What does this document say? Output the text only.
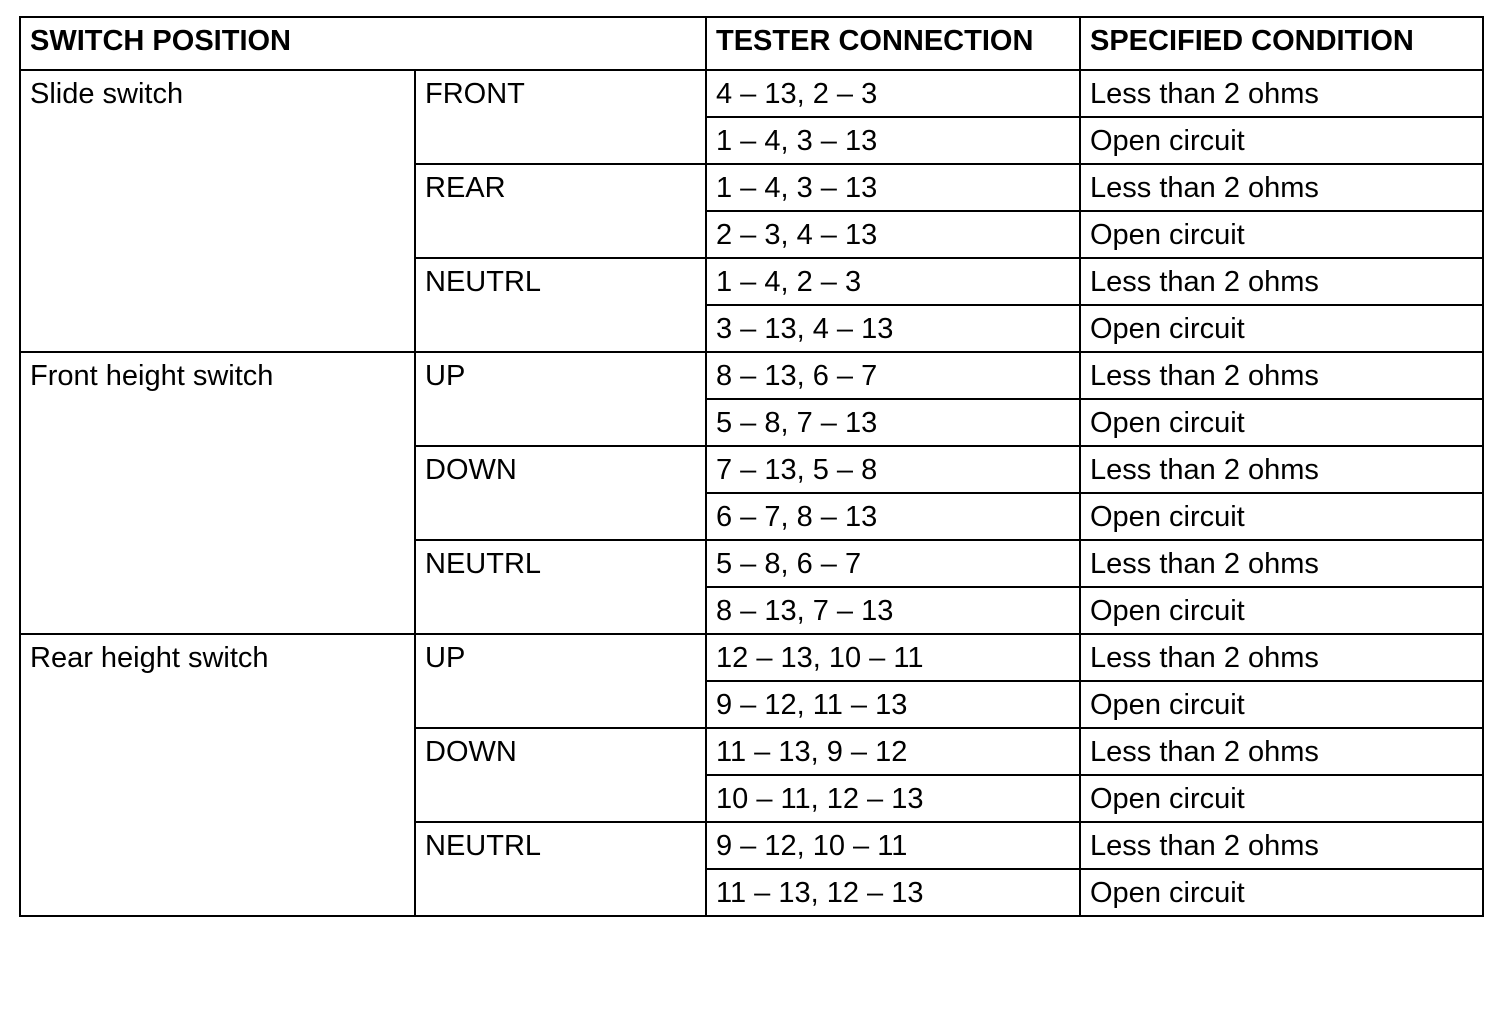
SWITCH POSITION		TESTER CONNECTION	SPECIFIED CONDITION
Slide switch	FRONT	4 – 13, 2 – 3	Less than 2 ohms
		1 – 4, 3 – 13	Open circuit
	REAR	1 – 4, 3 – 13	Less than 2 ohms
		2 – 3, 4 – 13	Open circuit
	NEUTRL	1 – 4, 2 – 3	Less than 2 ohms
		3 – 13, 4 – 13	Open circuit
Front height switch	UP	8 – 13, 6 – 7	Less than 2 ohms
		5 – 8, 7 – 13	Open circuit
	DOWN	7 – 13, 5 – 8	Less than 2 ohms
		6 – 7, 8 – 13	Open circuit
	NEUTRL	5 – 8, 6 – 7	Less than 2 ohms
		8 – 13, 7 – 13	Open circuit
Rear height switch	UP	12 – 13, 10 – 11	Less than 2 ohms
		9 – 12, 11 – 13	Open circuit
	DOWN	11 – 13, 9 – 12	Less than 2 ohms
		10 – 11, 12 – 13	Open circuit
	NEUTRL	9 – 12, 10 – 11	Less than 2 ohms
		11 – 13, 12 – 13	Open circuit
